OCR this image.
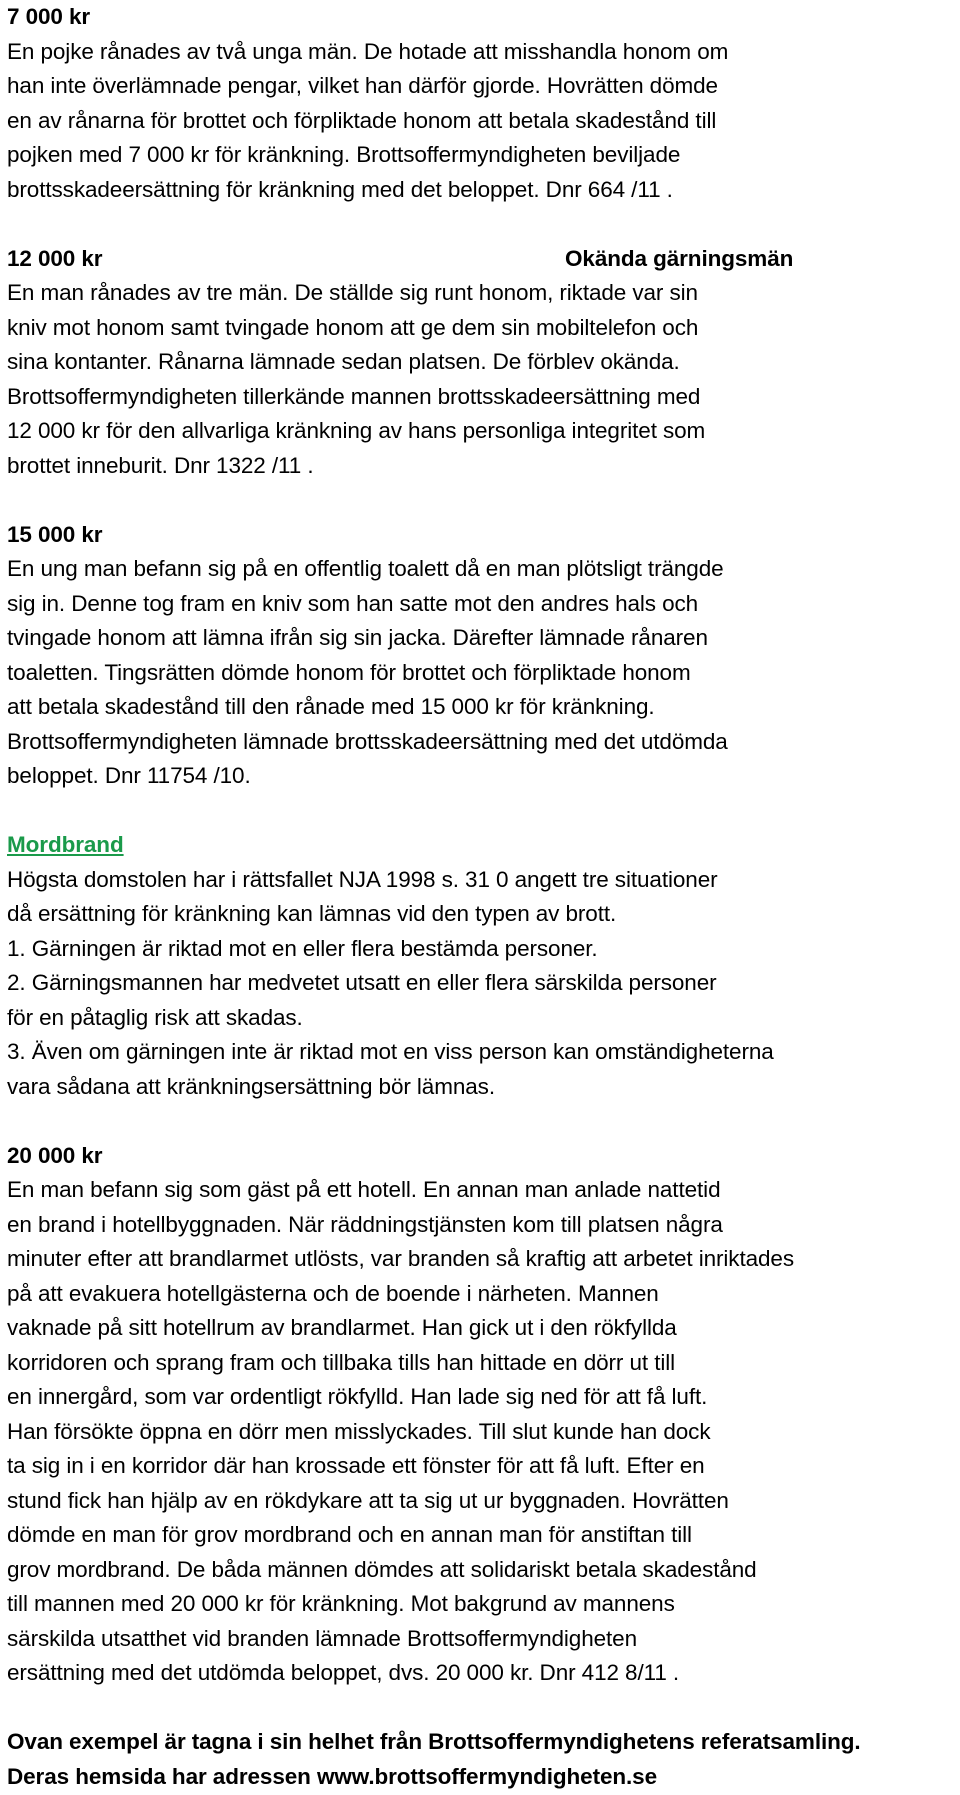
7 000 kr
En pojke rånades av två unga män. De hotade att misshandla honom om
han inte överlämnade pengar, vilket han därför gjorde. Hovrätten dömde
en av rånarna för brottet och förpliktade honom att betala skadestånd till
pojken med 7 000 kr för kränkning. Brottsoffermyndigheten beviljade
brottsskadeersättning för kränkning med det beloppet. Dnr 664 /11 .
12 000 kr	Okända gärningsmän
En man rånades av tre män. De ställde sig runt honom, riktade var sin
kniv mot honom samt tvingade honom att ge dem sin mobiltelefon och
sina kontanter. Rånarna lämnade sedan platsen. De förblev okända.
Brottsoffermyndigheten tillerkände mannen brottsskadeersättning med
12 000 kr för den allvarliga kränkning av hans personliga integritet som
brottet inneburit. Dnr 1322 /11 .
15 000 kr
En ung man befann sig på en offentlig toalett då en man plötsligt trängde
sig in. Denne tog fram en kniv som han satte mot den andres hals och
tvingade honom att lämna ifrån sig sin jacka. Därefter lämnade rånaren
toaletten. Tingsrätten dömde honom för brottet och förpliktade honom
att betala skadestånd till den rånade med 15 000 kr för kränkning.
Brottsoffermyndigheten lämnade brottsskadeersättning med det utdömda
beloppet. Dnr 11754 /10.
Mordbrand
Högsta domstolen har i rättsfallet NJA 1998 s. 31 0 angett tre situationer
då ersättning för kränkning kan lämnas vid den typen av brott.
1. Gärningen är riktad mot en eller flera bestämda personer.
2. Gärningsmannen har medvetet utsatt en eller flera särskilda personer
för en påtaglig risk att skadas.
3. Även om gärningen inte är riktad mot en viss person kan omständigheterna
vara sådana att kränkningsersättning bör lämnas.
20 000 kr
En man befann sig som gäst på ett hotell. En annan man anlade nattetid
en brand i hotellbyggnaden. När räddningstjänsten kom till platsen några
minuter efter att brandlarmet utlösts, var branden så kraftig att arbetet inriktades
på att evakuera hotellgästerna och de boende i närheten. Mannen
vaknade på sitt hotellrum av brandlarmet. Han gick ut i den rökfyllda
korridoren och sprang fram och tillbaka tills han hittade en dörr ut till
en innergård, som var ordentligt rökfylld. Han lade sig ned för att få luft.
Han försökte öppna en dörr men misslyckades. Till slut kunde han dock
ta sig in i en korridor där han krossade ett fönster för att få luft. Efter en
stund fick han hjälp av en rökdykare att ta sig ut ur byggnaden. Hovrätten
dömde en man för grov mordbrand och en annan man för anstiftan till
grov mordbrand. De båda männen dömdes att solidariskt betala skadestånd
till mannen med 20 000 kr för kränkning. Mot bakgrund av mannens
särskilda utsatthet vid branden lämnade Brottsoffermyndigheten
ersättning med det utdömda beloppet, dvs. 20 000 kr. Dnr 412 8/11 .
Ovan exempel är tagna i sin helhet från Brottsoffermyndighetens referatsamling.
Deras hemsida har adressen www.brottsoffermyndigheten.se
